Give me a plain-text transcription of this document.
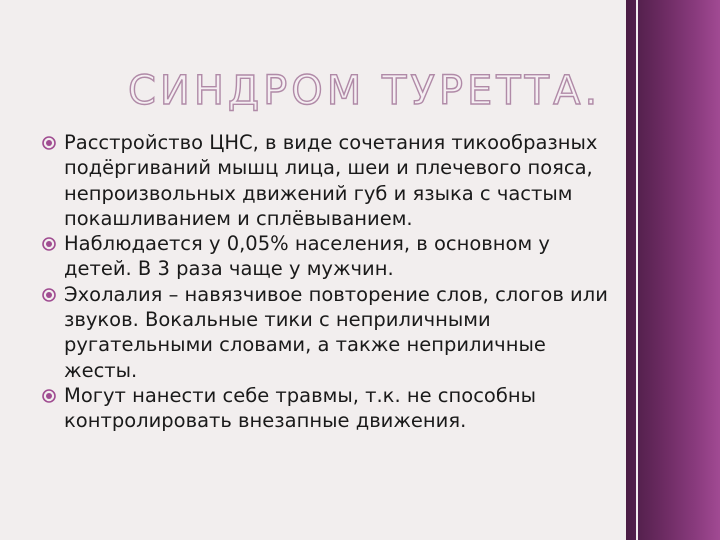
СИНДРОМ ТУРЕТТА.
Расстройство ЦНС, в виде сочетания тикообразных подёргиваний мышц лица, шеи и плечевого пояса, непроизвольных движений губ и языка с частым покашливанием и сплёвыванием.
Наблюдается у 0,05% населения, в основном у детей. В 3 раза чаще у мужчин.
Эхолалия – навязчивое повторение слов, слогов или звуков. Вокальные тики с неприличными ругательными словами, а также неприличные жесты.
Могут нанести себе травмы, т.к. не способны контролировать внезапные движения.
